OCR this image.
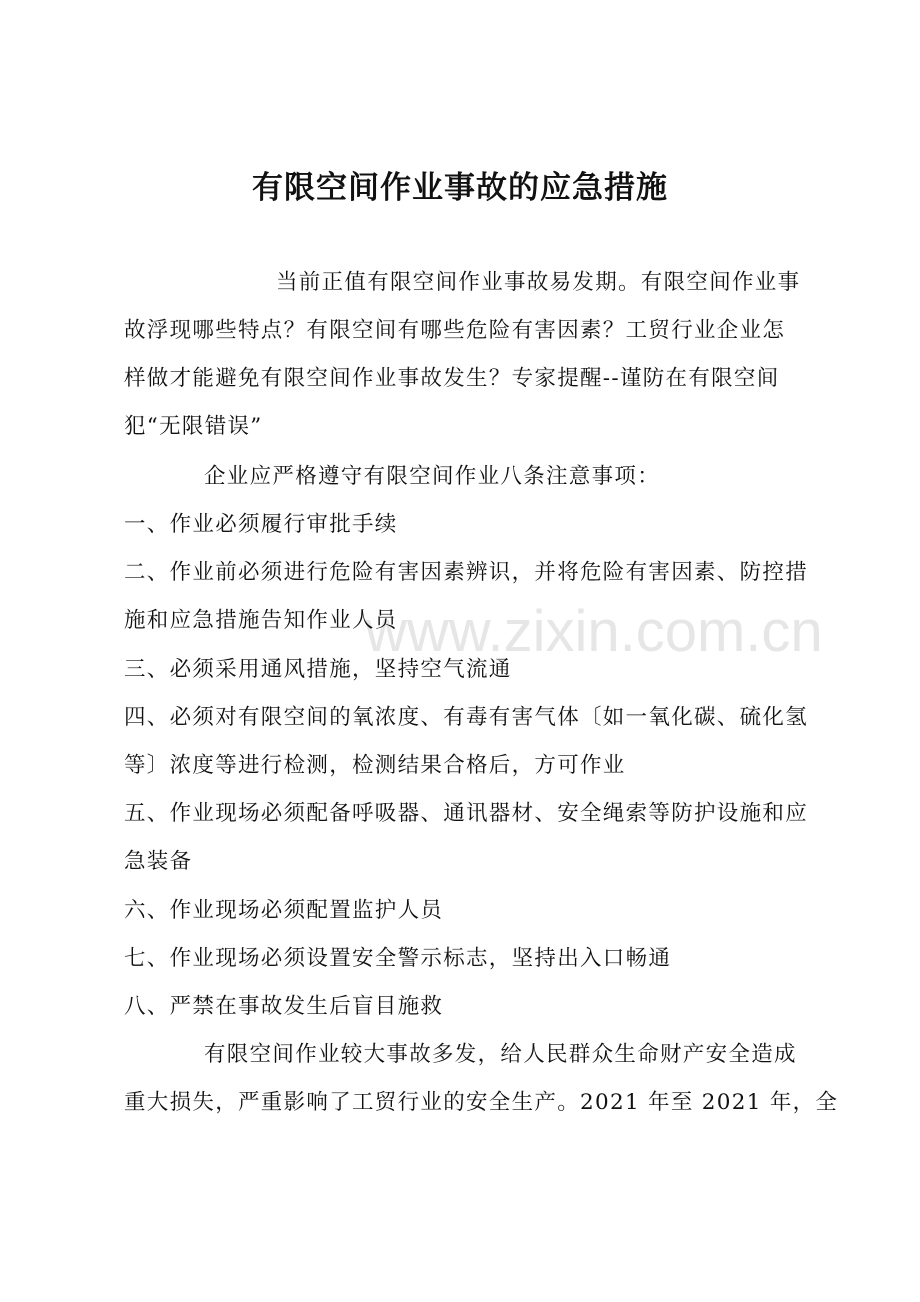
www.zixin.com.cn
有限空间作业事故的应急措施
当前正值有限空间作业事故易发期。有限空间作业事
故浮现哪些特点？有限空间有哪些危险有害因素？工贸行业企业怎
样做才能避免有限空间作业事故发生？专家提醒--谨防在有限空间
犯“无限错误”
企业应严格遵守有限空间作业八条注意事项：
一、作业必须履行审批手续
二、作业前必须进行危险有害因素辨识，并将危险有害因素、防控措
施和应急措施告知作业人员
三、必须采用通风措施，坚持空气流通
四、必须对有限空间的氧浓度、有毒有害气体〔如一氧化碳、硫化氢
等〕浓度等进行检测，检测结果合格后，方可作业
五、作业现场必须配备呼吸器、通讯器材、安全绳索等防护设施和应
急装备
六、作业现场必须配置监护人员
七、作业现场必须设置安全警示标志，坚持出入口畅通
八、严禁在事故发生后盲目施救
有限空间作业较大事故多发，给人民群众生命财产安全造成
重大损失，严重影响了工贸行业的安全生产。2021 年至 2021 年，全
